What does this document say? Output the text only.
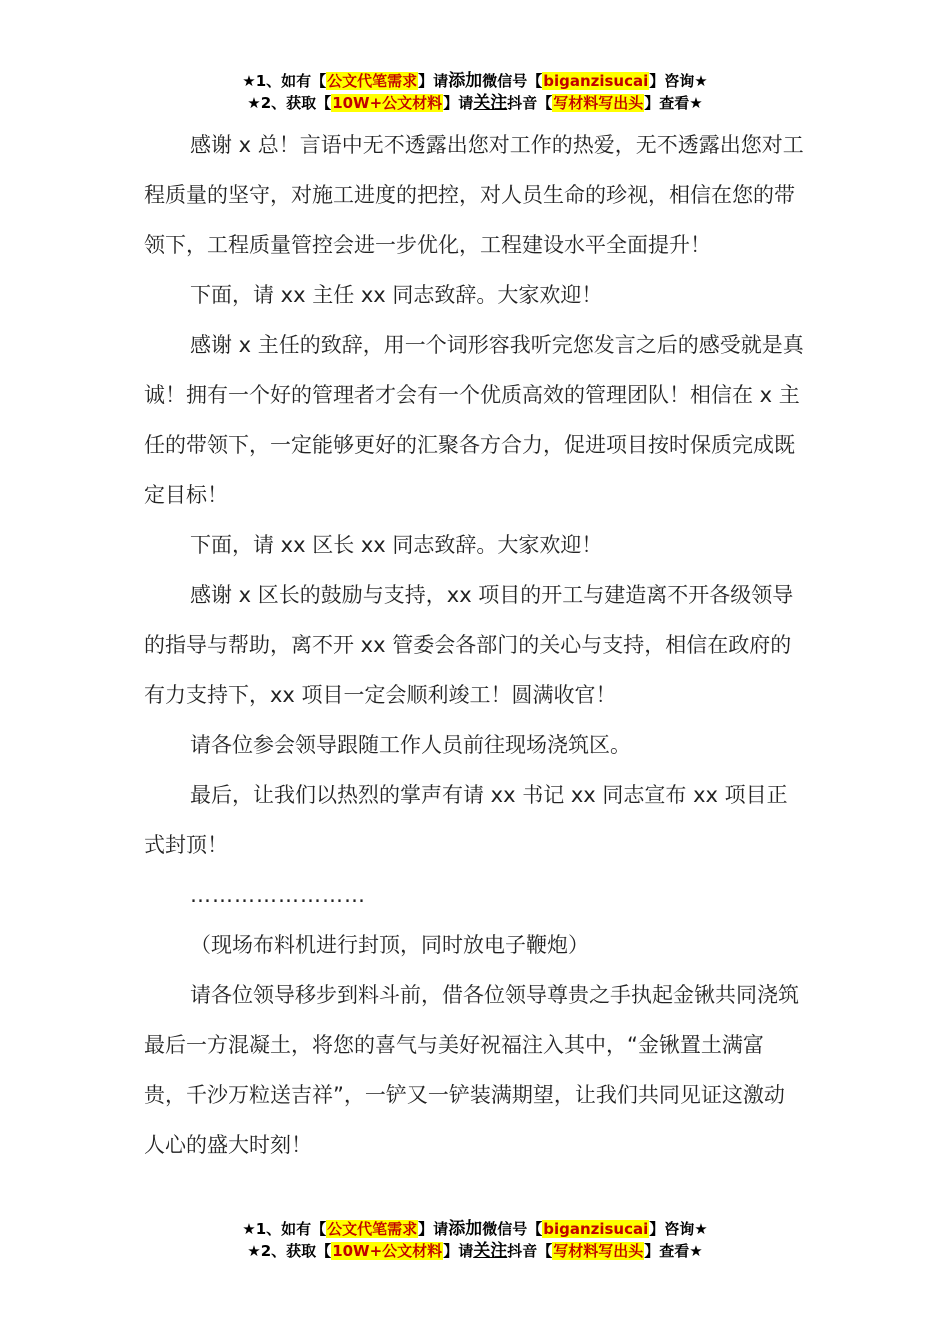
★1、如有【公文代笔需求】请添加微信号【biganzisucai】咨询★
★2、获取【10W+公文材料】请关注抖音【写材料写出头】查看★

感谢 x 总！言语中无不透露出您对工作的热爱，无不透露出您对工程质量的坚守，对施工进度的把控，对人员生命的珍视，相信在您的带领下，工程质量管控会进一步优化，工程建设水平全面提升！

下面，请 xx 主任 xx 同志致辞。大家欢迎！

感谢 x 主任的致辞，用一个词形容我听完您发言之后的感受就是真诚！拥有一个好的管理者才会有一个优质高效的管理团队！相信在 x 主任的带领下，一定能够更好的汇聚各方合力，促进项目按时保质完成既定目标！

下面，请 xx 区长 xx 同志致辞。大家欢迎！

感谢 x 区长的鼓励与支持，xx 项目的开工与建造离不开各级领导的指导与帮助，离不开 xx 管委会各部门的关心与支持，相信在政府的有力支持下，xx 项目一定会顺利竣工！圆满收官！

请各位参会领导跟随工作人员前往现场浇筑区。

最后，让我们以热烈的掌声有请 xx 书记 xx 同志宣布 xx 项目正式封顶！

……………………

（现场布料机进行封顶，同时放电子鞭炮）

请各位领导移步到料斗前，借各位领导尊贵之手执起金锹共同浇筑最后一方混凝土，将您的喜气与美好祝福注入其中，“金锹置土满富贵，千沙万粒送吉祥”，一铲又一铲装满期望，让我们共同见证这激动人心的盛大时刻！

★1、如有【公文代笔需求】请添加微信号【biganzisucai】咨询★
★2、获取【10W+公文材料】请关注抖音【写材料写出头】查看★
